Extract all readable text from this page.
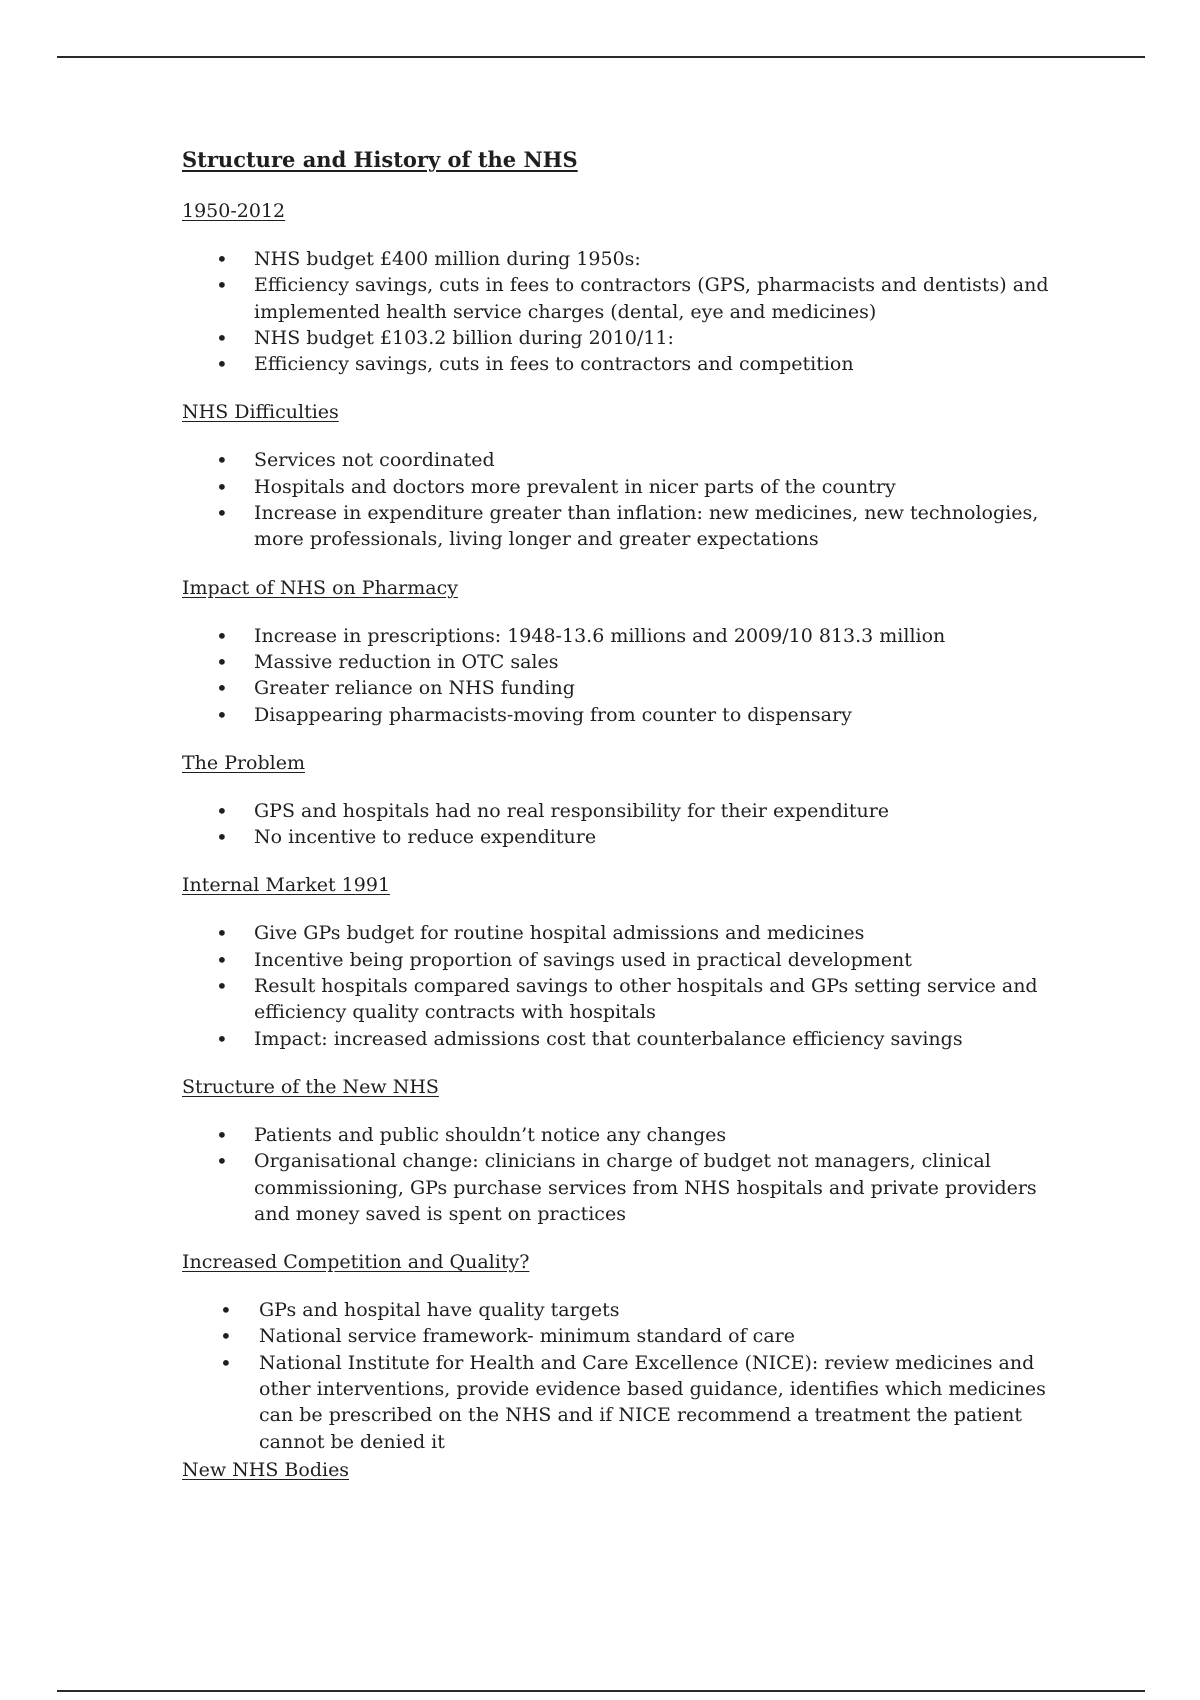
Structure and History of the NHS
1950-2012
• NHS budget £400 million during 1950s:
• Efficiency savings, cuts in fees to contractors (GPS, pharmacists and dentists) and implemented health service charges (dental, eye and medicines)
• NHS budget £103.2 billion during 2010/11:
• Efficiency savings, cuts in fees to contractors and competition
NHS Difficulties
• Services not coordinated
• Hospitals and doctors more prevalent in nicer parts of the country
• Increase in expenditure greater than inflation: new medicines, new technologies, more professionals, living longer and greater expectations
Impact of NHS on Pharmacy
• Increase in prescriptions: 1948-13.6 millions and 2009/10 813.3 million
• Massive reduction in OTC sales
• Greater reliance on NHS funding
• Disappearing pharmacists-moving from counter to dispensary
The Problem
• GPS and hospitals had no real responsibility for their expenditure
• No incentive to reduce expenditure
Internal Market 1991
• Give GPs budget for routine hospital admissions and medicines
• Incentive being proportion of savings used in practical development
• Result hospitals compared savings to other hospitals and GPs setting service and efficiency quality contracts with hospitals
• Impact: increased admissions cost that counterbalance efficiency savings
Structure of the New NHS
• Patients and public shouldn’t notice any changes
• Organisational change: clinicians in charge of budget not managers, clinical commissioning, GPs purchase services from NHS hospitals and private providers and money saved is spent on practices
Increased Competition and Quality?
• GPs and hospital have quality targets
• National service framework- minimum standard of care
• National Institute for Health and Care Excellence (NICE): review medicines and other interventions, provide evidence based guidance, identifies which medicines can be prescribed on the NHS and if NICE recommend a treatment the patient cannot be denied it
New NHS Bodies
